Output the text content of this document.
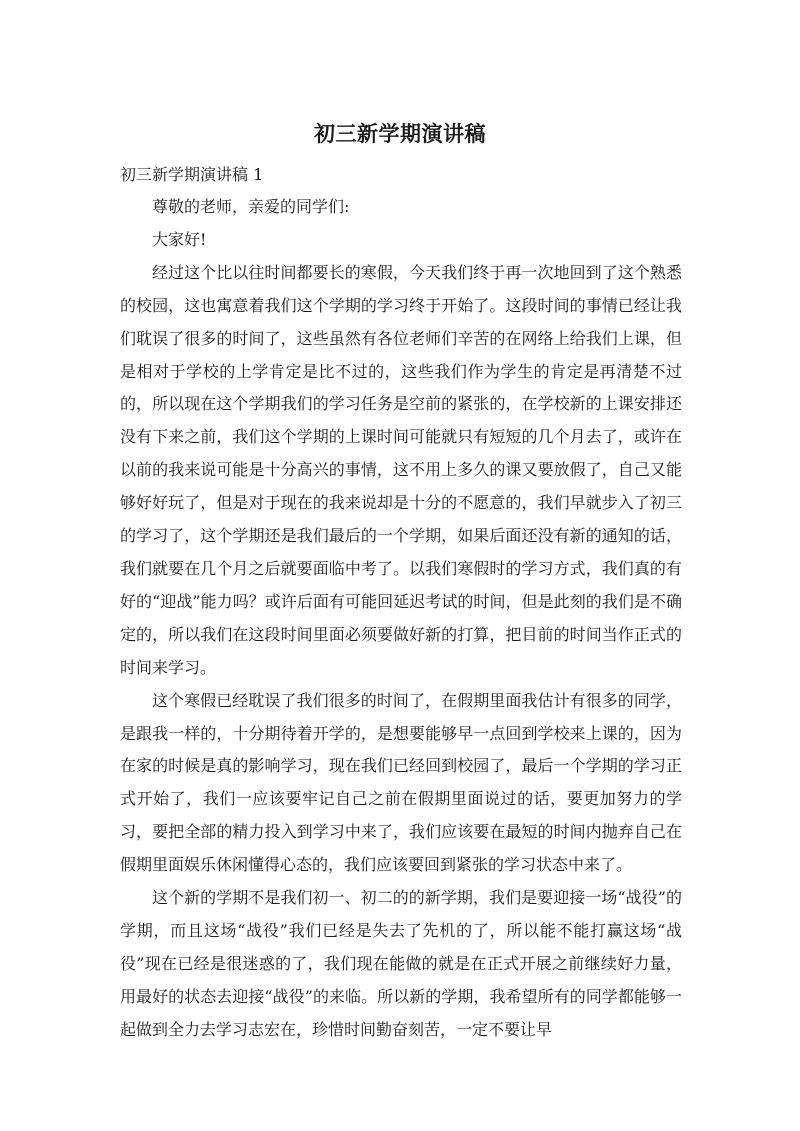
初三新学期演讲稿
初三新学期演讲稿 1

尊敬的老师，亲爱的同学们:

大家好!

经过这个比以往时间都要长的寒假，今天我们终于再一次地回到了这个熟悉的校园，这也寓意着我们这个学期的学习终于开始了。这段时间的事情已经让我们耽误了很多的时间了，这些虽然有各位老师们辛苦的在网络上给我们上课，但是相对于学校的上学肯定是比不过的，这些我们作为学生的肯定是再清楚不过的，所以现在这个学期我们的学习任务是空前的紧张的，在学校新的上课安排还没有下来之前，我们这个学期的上课时间可能就只有短短的几个月去了，或许在以前的我来说可能是十分高兴的事情，这不用上多久的课又要放假了，自己又能够好好玩了，但是对于现在的我来说却是十分的不愿意的，我们早就步入了初三的学习了，这个学期还是我们最后的一个学期，如果后面还没有新的通知的话，我们就要在几个月之后就要面临中考了。以我们寒假时的学习方式，我们真的有好的“迎战”能力吗？或许后面有可能回延迟考试的时间，但是此刻的我们是不确定的，所以我们在这段时间里面必须要做好新的打算，把目前的时间当作正式的时间来学习。

这个寒假已经耽误了我们很多的时间了，在假期里面我估计有很多的同学，是跟我一样的，十分期待着开学的，是想要能够早一点回到学校来上课的，因为在家的时候是真的影响学习，现在我们已经回到校园了，最后一个学期的学习正式开始了，我们一应该要牢记自己之前在假期里面说过的话，要更加努力的学习，要把全部的精力投入到学习中来了，我们应该要在最短的时间内抛弃自己在假期里面娱乐休闲懂得心态的，我们应该要回到紧张的学习状态中来了。

这个新的学期不是我们初一、初二的的新学期，我们是要迎接一场“战役”的学期，而且这场“战役”我们已经是失去了先机的了，所以能不能打赢这场“战役”现在已经是很迷惑的了，我们现在能做的就是在正式开展之前继续好力量，用最好的状态去迎接“战役”的来临。所以新的学期，我希望所有的同学都能够一起做到全力去学习志宏在，珍惜时间勤奋刻苦，一定不要让早
